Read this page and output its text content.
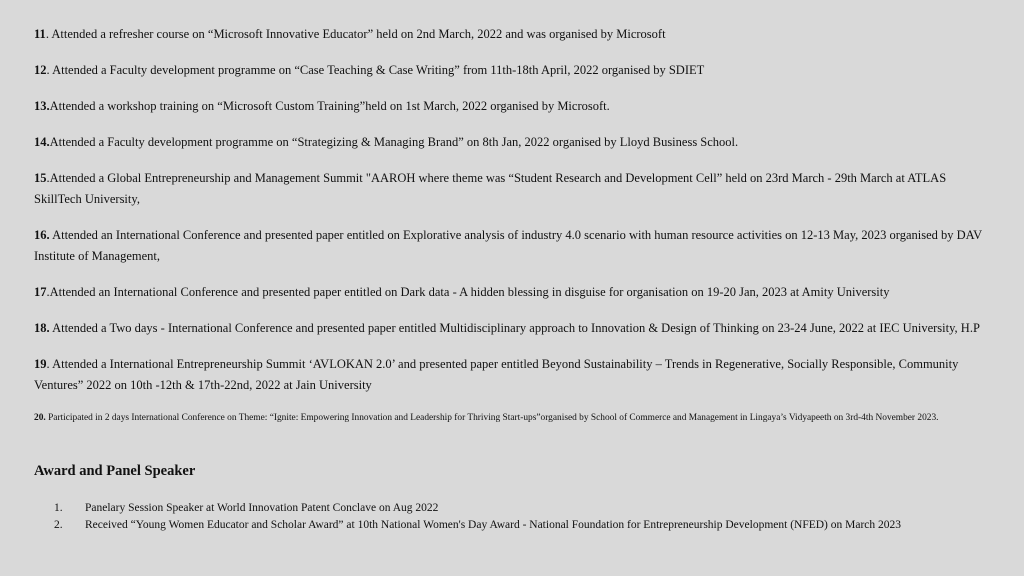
11. Attended a refresher course on “Microsoft Innovative Educator” held on 2nd March, 2022 and was organised by Microsoft

12. Attended a Faculty development programme on “Case Teaching & Case Writing” from 11th-18th April, 2022 organised by SDIET

13.Attended a workshop training on “Microsoft Custom Training”held on 1st March, 2022 organised by Microsoft.

14.Attended a Faculty development programme on “Strategizing & Managing Brand” on 8th Jan, 2022 organised by Lloyd Business School.

15.Attended a Global Entrepreneurship and Management Summit "AAROH where theme was “Student Research and Development Cell” held on 23rd March - 29th March at ATLAS SkillTech University,

16. Attended an International Conference and presented paper entitled on Explorative analysis of industry 4.0 scenario with human resource activities on 12-13 May, 2023 organised by DAV Institute of Management,

17.Attended an International Conference and presented paper entitled on Dark data - A hidden blessing in disguise for organisation on 19-20 Jan, 2023 at Amity University

18. Attended a Two days - International Conference and presented paper entitled Multidisciplinary approach to Innovation & Design of Thinking on 23-24 June, 2022 at IEC University, H.P

19. Attended a International Entrepreneurship Summit ‘AVLOKAN 2.0’ and presented paper entitled Beyond Sustainability – Trends in Regenerative, Socially Responsible, Community Ventures” 2022 on 10th -12th & 17th-22nd, 2022 at Jain University

20. Participated in 2 days International Conference on Theme: “Ignite: Empowering Innovation and Leadership for Thriving Start-ups”organised by School of Commerce and Management in Lingaya’s Vidyapeeth on 3rd-4th November 2023.

Award and Panel Speaker
1. Panelary Session Speaker at World Innovation Patent Conclave on Aug 2022
2. Received “Young Women Educator and Scholar Award” at 10th National Women's Day Award - National Foundation for Entrepreneurship Development (NFED) on March 2023
